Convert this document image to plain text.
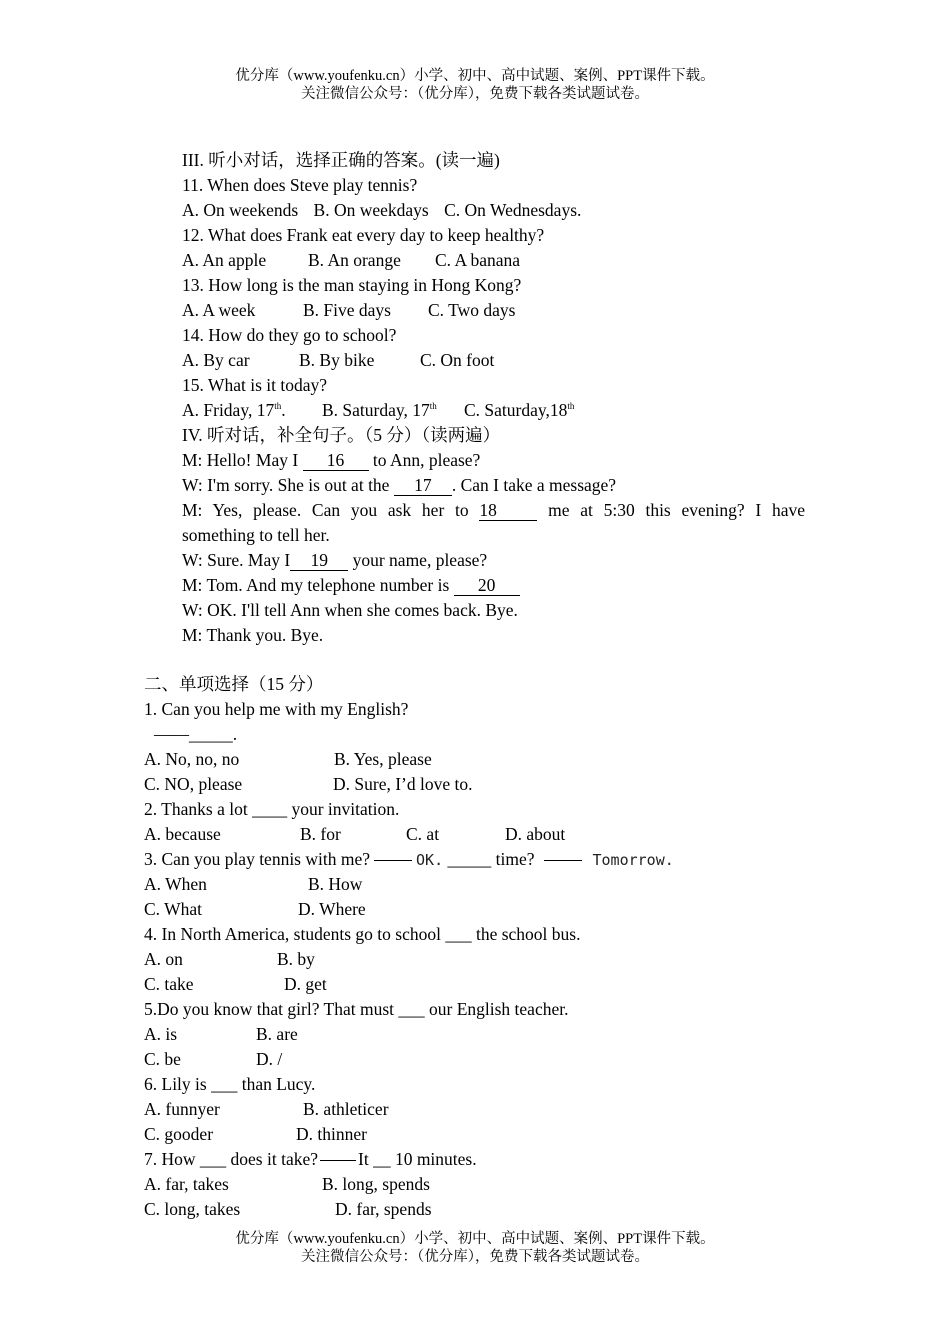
优分库（www.youfenku.cn）小学、初中、高中试题、案例、PPT课件下载。
关注微信公众号：（优分库），免费下载各类试题试卷。
III. 听小对话，选择正确的答案。(读一遍)
11. When does Steve play tennis?
A. On weekends B. On weekdays C. On Wednesdays.
12. What does Frank eat every day to keep healthy?
A. An apple B. An orange C. A banana
13. How long is the man staying in Hong Kong?
A. A week	B. Five days C. Two days
14. How do they go to school?
A. By car	B. By bike	C. On foot
15. What is it today?
A. Friday, 17th. B. Saturday, 17th C. Saturday,18th
IV. 听对话，补全句子。（5 分）（读两遍）
M: Hello! May I 16 to Ann, please?
W: I'm sorry. She is out at the 17 . Can I take a message?
M: Yes, please. Can you ask her to 18 me at 5:30 this evening? I have
something to tell her.
W: Sure. May I 19 your name, please?
M: Tom. And my telephone number is 20
W: OK. I'll tell Ann when she comes back. Bye.
M: Thank you. Bye.
二、单项选择（15 分）
1. Can you help me with my English?
——_____.
A. No, no, no	B. Yes, please
C. NO, please	D. Sure, I’d love to.
2. Thanks a lot ____ your invitation.
A. because	B. for	C. at	D. about
3. Can you play tennis with me?	OK. _____ time?	Tomorrow.
A. When	B. How
C. What	D. Where
4. In North America, students go to school ___ the school bus.
A. on	B. by
C. take	D. get
5.Do you know that girl? That must ___ our English teacher.
A. is	B. are
C. be	D. /
6. Lily is ___ than Lucy.
A. funnyer	B. athleticer
C. gooder	D. thinner
7. How ___ does it take? It __ 10 minutes.
A. far, takes	B. long, spends
C. long, takes	D. far, spends
优分库（www.youfenku.cn）小学、初中、高中试题、案例、PPT课件下载。
关注微信公众号：（优分库），免费下载各类试题试卷。
